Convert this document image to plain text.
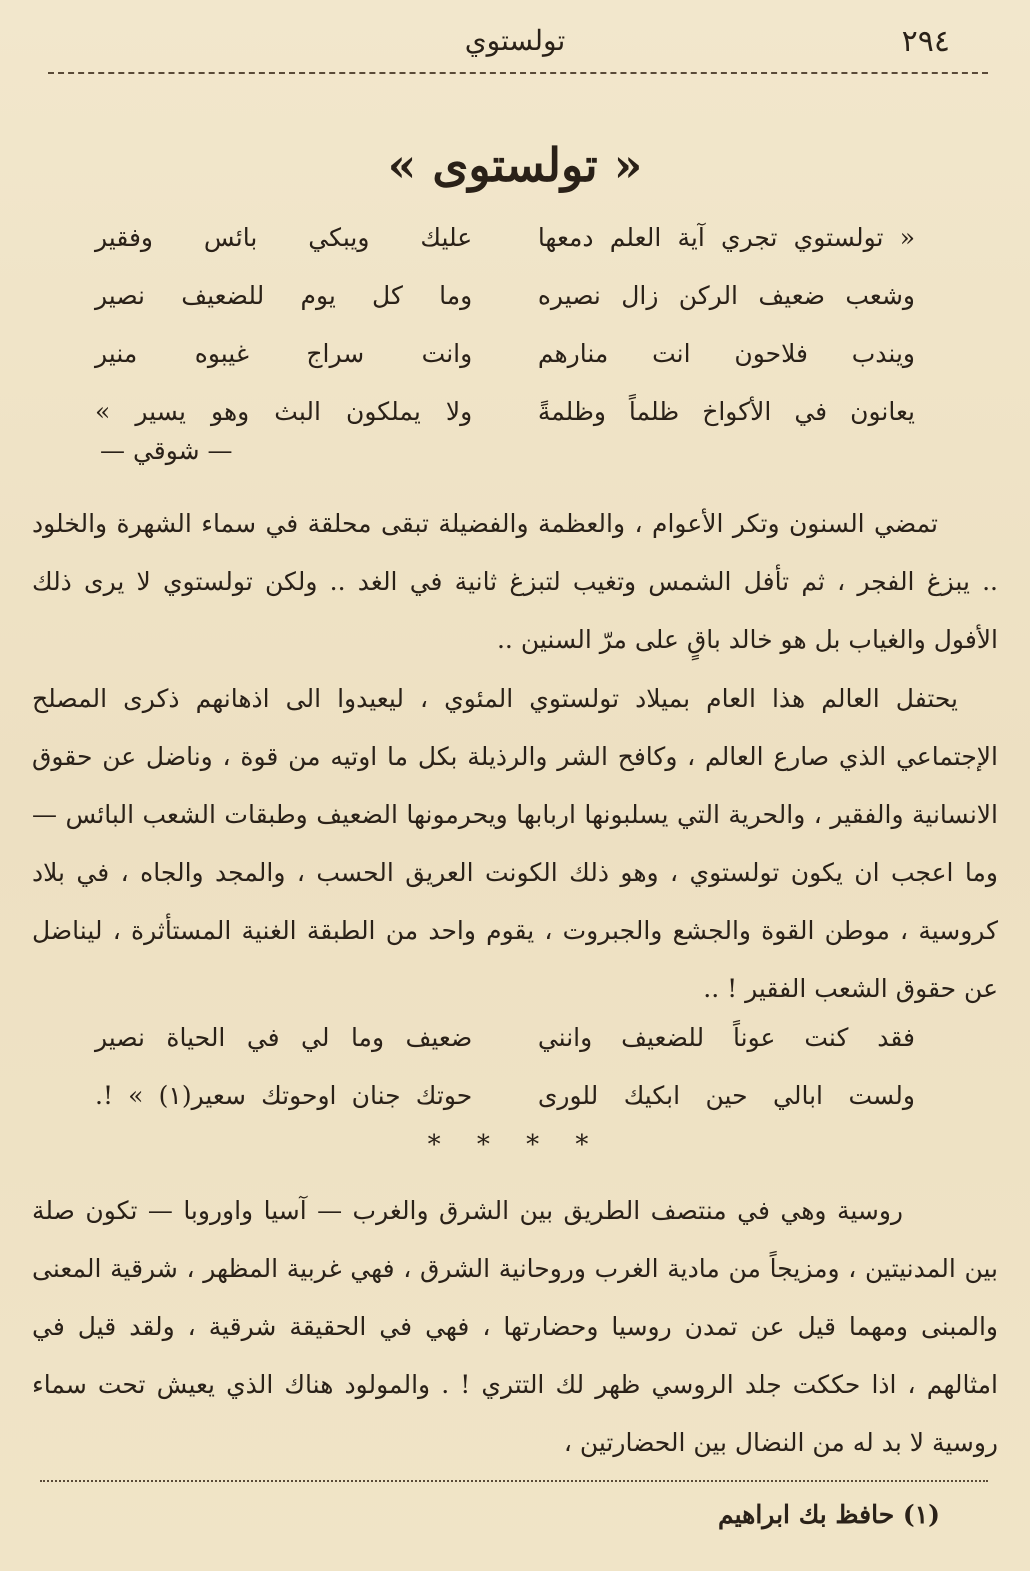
٢٩٤
تولستوي
« تولستوى »
« تولستوي تجري آية العلم دمعها
عليك ويبكي بائس وفقير
وشعب ضعيف الركن زال نصيره
وما كل يوم للضعيف نصير
ويندب فلاحون انت منارهم
وانت سراج غيبوه منير
يعانون في الأكواخ ظلماً وظلمةً
ولا يملكون البث وهو يسير »
— شوقي —
تمضي السنون وتكر الأعوام ، والعظمة والفضيلة تبقى محلقة في سماء الشهرة والخلود .. يبزغ الفجر ، ثم تأفل الشمس وتغيب لتبزغ ثانية في الغد .. ولكن تولستوي لا يرى ذلك الأفول والغياب بل هو خالد باقٍ على مرّ السنين ..
يحتفل العالم هذا العام بميلاد تولستوي المئوي ، ليعيدوا الى اذهانهم ذكرى المصلح الإجتماعي الذي صارع العالم ، وكافح الشر والرذيلة بكل ما اوتيه من قوة ، وناضل عن حقوق الانسانية والفقير ، والحرية التي يسلبونها اربابها ويحرمونها الضعيف وطبقات الشعب البائس — وما اعجب ان يكون تولستوي ، وهو ذلك الكونت العريق الحسب ، والمجد والجاه ، في بلاد كروسية ، موطن القوة والجشع والجبروت ، يقوم واحد من الطبقة الغنية المستأثرة ، ليناضل عن حقوق الشعب الفقير ! ..
فقد كنت عوناً للضعيف وانني
ضعيف وما لي في الحياة نصير
ولست ابالي حين ابكيك للورى
حوتك جنان اوحوتك سعير(١) » !.
* * * *
روسية وهي في منتصف الطريق بين الشرق والغرب — آسيا واوروبا — تكون صلة بين المدنيتين ، ومزيجاً من مادية الغرب وروحانية الشرق ، فهي غربية المظهر ، شرقية المعنى والمبنى ومهما قيل عن تمدن روسيا وحضارتها ، فهي في الحقيقة شرقية ، ولقد قيل في امثالهم ، اذا حككت جلد الروسي ظهر لك التتري ! . والمولود هناك الذي يعيش تحت سماء روسية لا بد له من النضال بين الحضارتين ،
(١) حافظ بك ابراهيم
